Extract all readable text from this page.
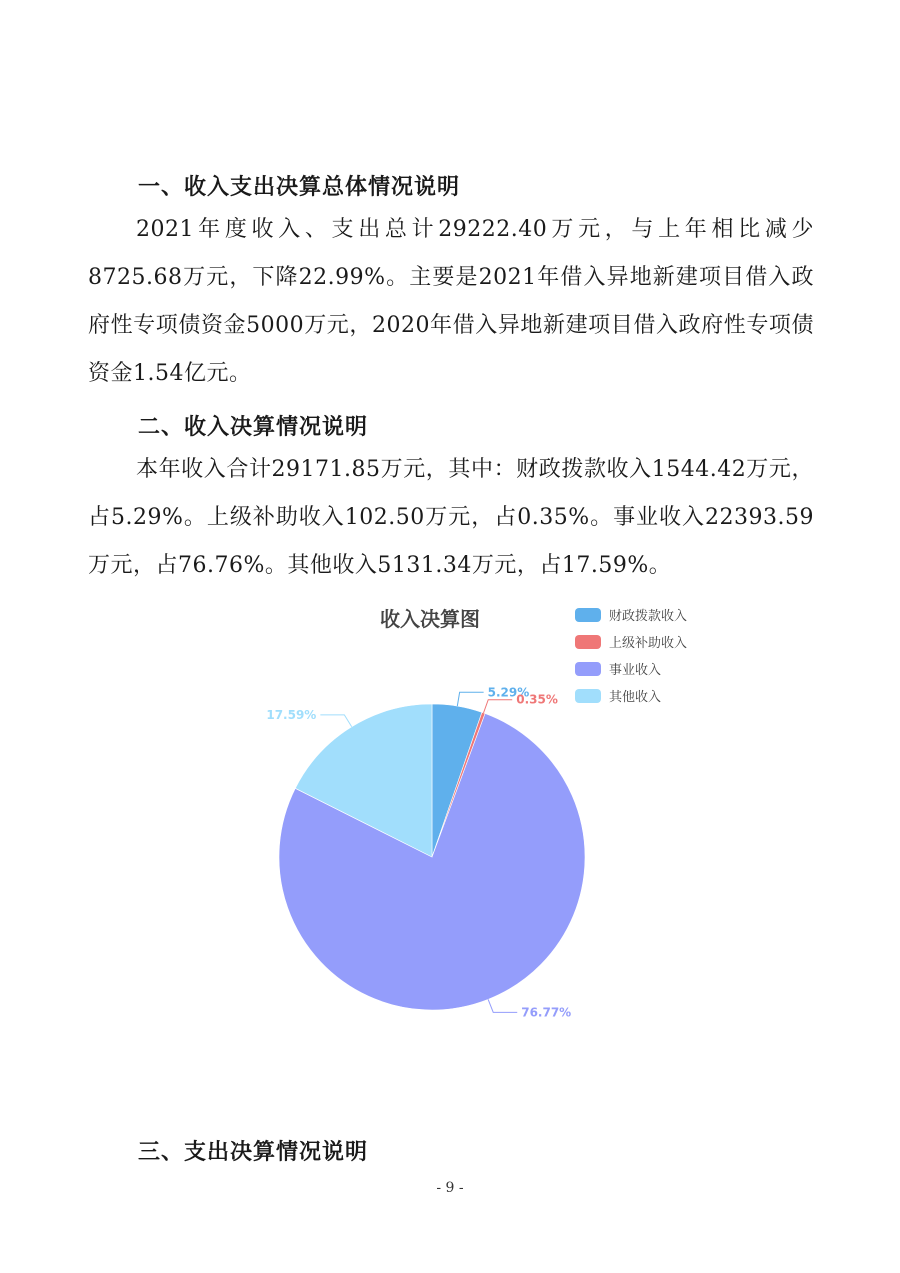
一、收入支出决算总体情况说明
2021年度收入、支出总计29222.40万元，与上年相比减少8725.68万元，下降22.99%。主要是2021年借入异地新建项目借入政府性专项债资金5000万元，2020年借入异地新建项目借入政府性专项债资金1.54亿元。
二、收入决算情况说明
本年收入合计29171.85万元，其中：财政拨款收入1544.42万元，占5.29%。上级补助收入102.50万元，占0.35%。事业收入22393.59万元，占76.76%。其他收入5131.34万元，占17.59%。
收入决算图	财政拨款收入
上级补助收入
事业收入
其他收入
5.29%
0.35%
76.77%
17.59%
三、支出决算情况说明
- 9 -
